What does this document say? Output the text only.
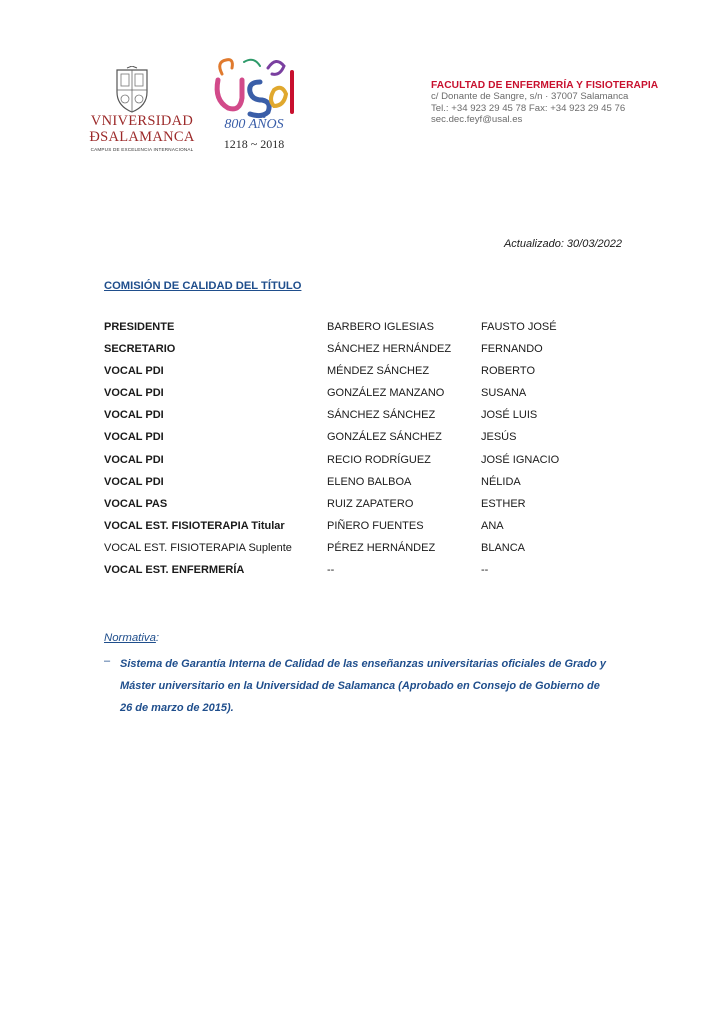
VNIVERSIDAD
ÐSALAMANCA
CAMPUS DE EXCELENCIA INTERNACIONAL
800 AÑOS
1218 ~ 2018
FACULTAD DE ENFERMERÍA Y FISIOTERAPIA
c/ Donante de Sangre, s/n · 37007 Salamanca
Tel.: +34 923 29 45 78 Fax: +34 923 29 45 76
sec.dec.feyf@usal.es
Actualizado: 30/03/2022
COMISIÓN DE CALIDAD DEL TÍTULO
PRESIDENTE	BARBERO IGLESIAS	FAUSTO JOSÉ
SECRETARIO	SÁNCHEZ HERNÁNDEZ	FERNANDO
VOCAL PDI	MÉNDEZ SÁNCHEZ	ROBERTO
VOCAL PDI	GONZÁLEZ MANZANO	SUSANA
VOCAL PDI	SÁNCHEZ SÁNCHEZ	JOSÉ LUIS
VOCAL PDI	GONZÁLEZ SÁNCHEZ	JESÚS
VOCAL PDI	RECIO RODRÍGUEZ	JOSÉ IGNACIO
VOCAL PDI	ELENO BALBOA	NÉLIDA
VOCAL PAS	RUIZ ZAPATERO	ESTHER
VOCAL EST. FISIOTERAPIA Titular	PIÑERO FUENTES	ANA
VOCAL EST. FISIOTERAPIA Suplente	PÉREZ HERNÁNDEZ	BLANCA
VOCAL EST. ENFERMERÍA	--	--
Normativa:
– Sistema de Garantía Interna de Calidad de las enseñanzas universitarias oficiales de Grado y
Máster universitario en la Universidad de Salamanca (Aprobado en Consejo de Gobierno de
26 de marzo de 2015).
